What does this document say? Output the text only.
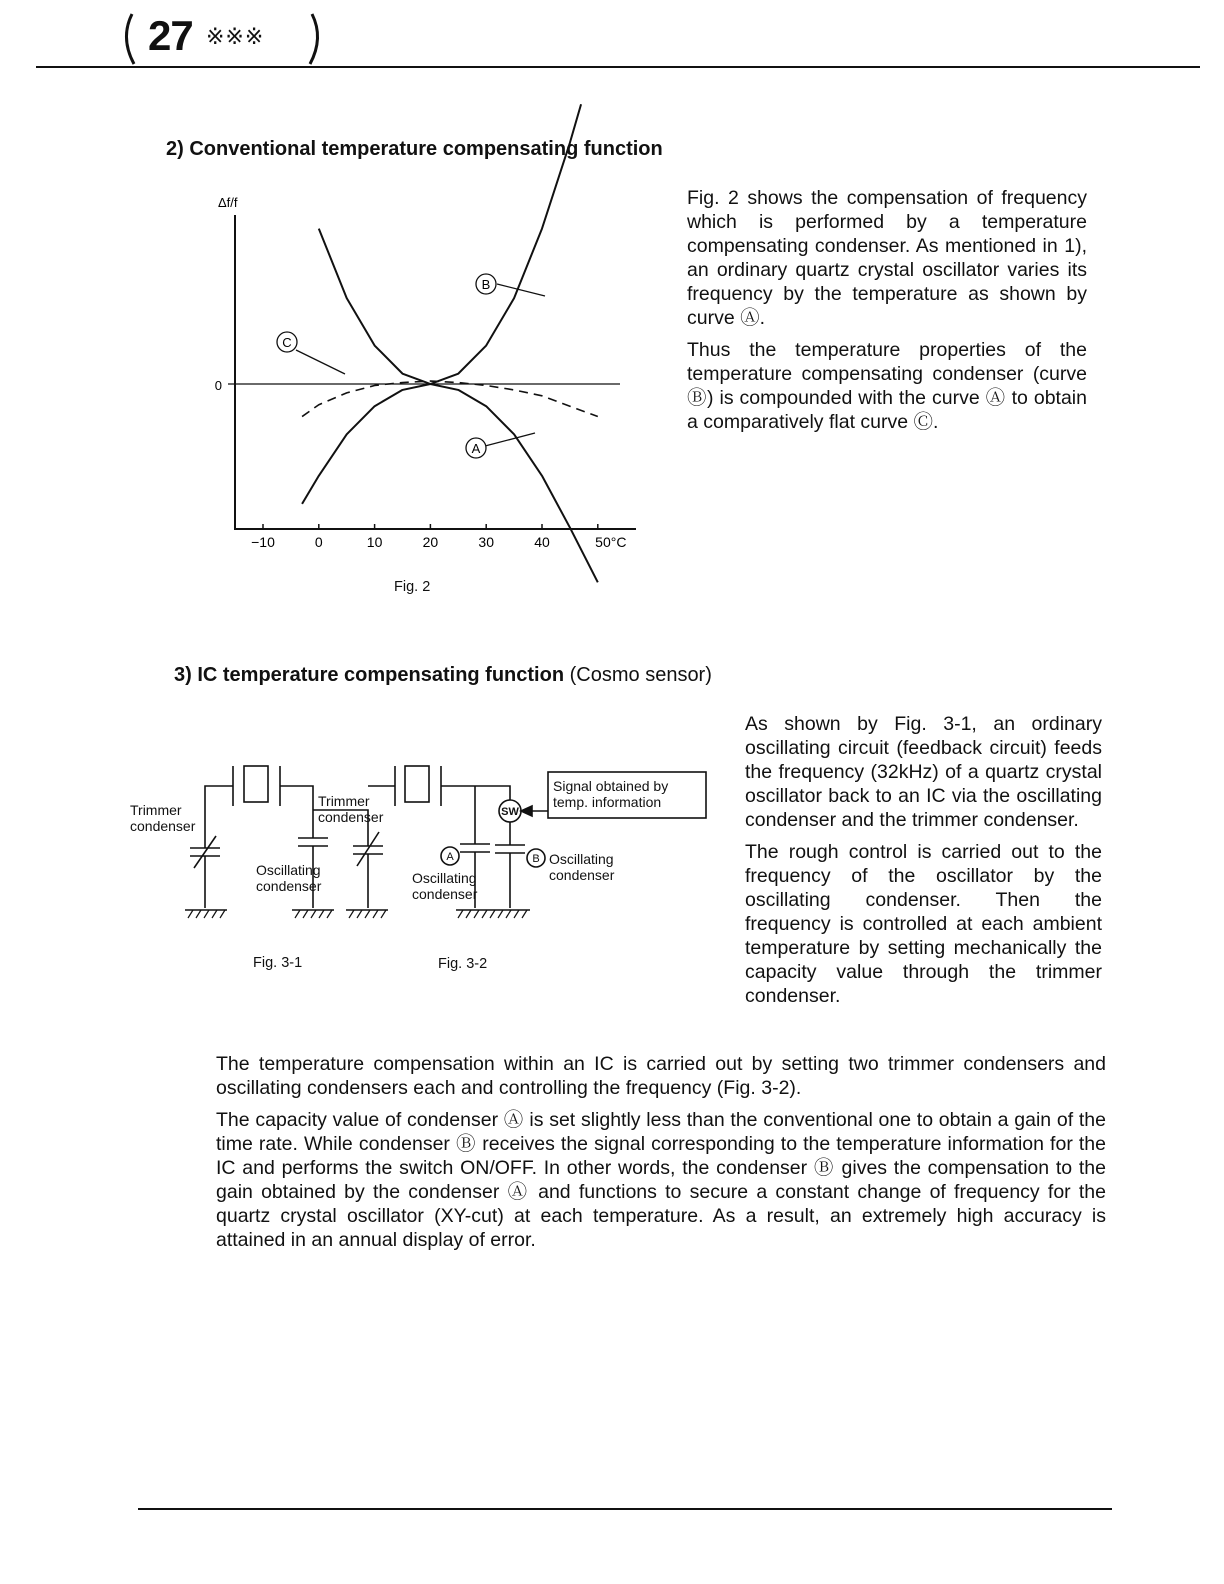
27 ※※※
2) Conventional temperature compensating function
Δf/f
0
−10	0	10	20	30	40	50°C
B
C
A
Fig. 2

Fig. 2 shows the compensation of frequency which is performed by a temperature compensating condenser. As mentioned in 1), an ordinary quartz crystal oscillator varies its frequency by the temperature as shown by curve Ⓐ.

Thus the temperature properties of the temperature compensating condenser (curve Ⓑ) is compounded with the curve Ⓐ to obtain a comparatively flat curve Ⓒ.

3) IC temperature compensating function (Cosmo sensor)
SW
A	B
Trimmer condenser
Trimmer condenser
Oscillating condenser	Oscillating condenser
Oscillating condenser
Signal obtained by temp. information
Fig. 3-1	Fig. 3-2

As shown by Fig. 3-1, an ordinary oscillating circuit (feedback circuit) feeds the frequency (32kHz) of a quartz crystal oscillator back to an IC via the oscillating condenser and the trimmer condenser.

The rough control is carried out to the frequency of the oscillator by the oscillating condenser. Then the frequency is controlled at each ambient temperature by setting mechanically the capacity value through the trimmer condenser.

The temperature compensation within an IC is carried out by setting two trimmer condensers and oscillating condensers each and controlling the frequency (Fig. 3-2).

The capacity value of condenser Ⓐ is set slightly less than the conventional one to obtain a gain of the time rate. While condenser Ⓑ receives the signal corresponding to the temperature information for the IC and performs the switch ON/OFF. In other words, the condenser Ⓑ gives the compensation to the gain obtained by the condenser Ⓐ and functions to secure a constant change of frequency for the quartz crystal oscillator (XY-cut) at each temperature. As a result, an extremely high accuracy is attained in an annual display of error.
